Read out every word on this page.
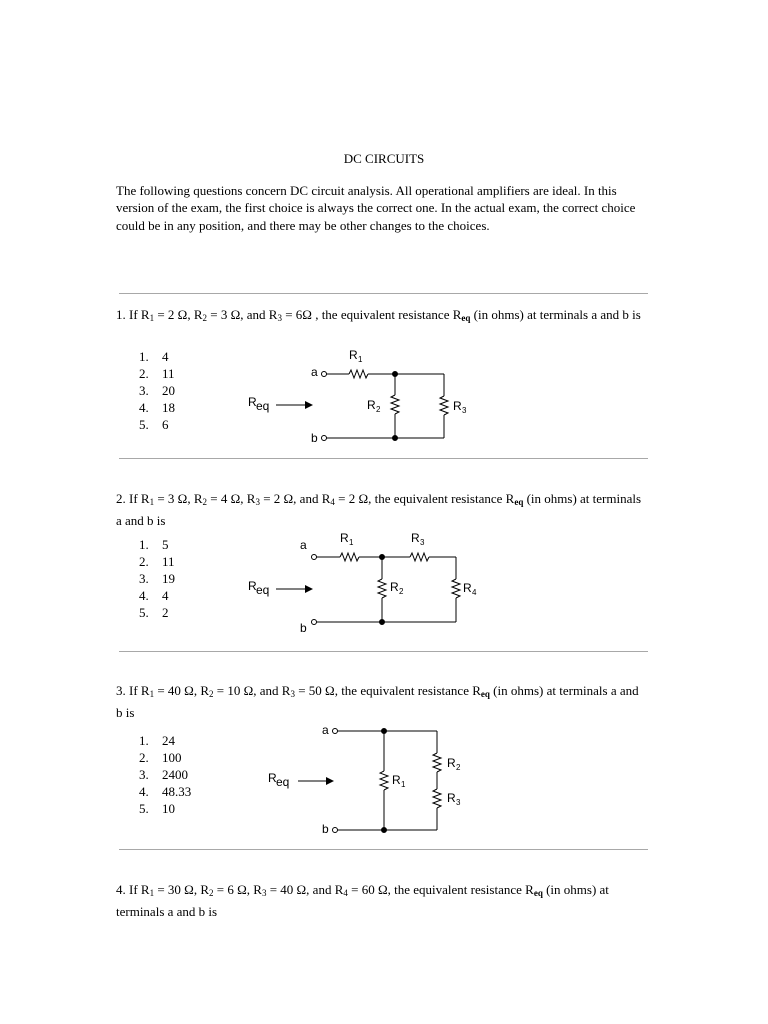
DC CIRCUITS
The following questions concern DC circuit analysis. All operational amplifiers are ideal. In this version of the exam, the first choice is always the correct one. In the actual exam, the correct choice could be in any position, and there may be other changes to the choices.
1. If $R_1 = 2$ Ω, $R_2 = 3$ Ω, and $R_3 = 6\Omega$ , the equivalent resistance $R_{eq}$ (in ohms) at terminals a and b is
1. 4
2. 11
3. 20
4. 18
5. 6
2. If $R_1 = 3$ Ω, $R_2 = 4$ Ω, $R_3 = 2$ Ω, and $R_4 = 2$ Ω, the equivalent resistance $R_{eq}$ (in ohms) at terminals a and b is
1. 5
2. 11
3. 19
4. 4
5. 2
3. If $R_1 = 40$ Ω, $R_2 = 10$ Ω, and $R_3 = 50$ Ω, the equivalent resistance $R_{eq}$ (in ohms) at terminals a and b is
1. 24
2. 100
3. 2400
4. 48.33
5. 10
4. If $R_1 = 30$ Ω, $R_2 = 6$ Ω, $R_3 = 40$ Ω, and $R_4 = 60$ Ω, the equivalent resistance $R_{eq}$ (in ohms) at terminals a and b is
a
b
R 1
R 2	R 3
R eq
a
b
R 1	R 3
R 2	R 4
R eq
a
b
R 2
R 3
R 1
R eq
